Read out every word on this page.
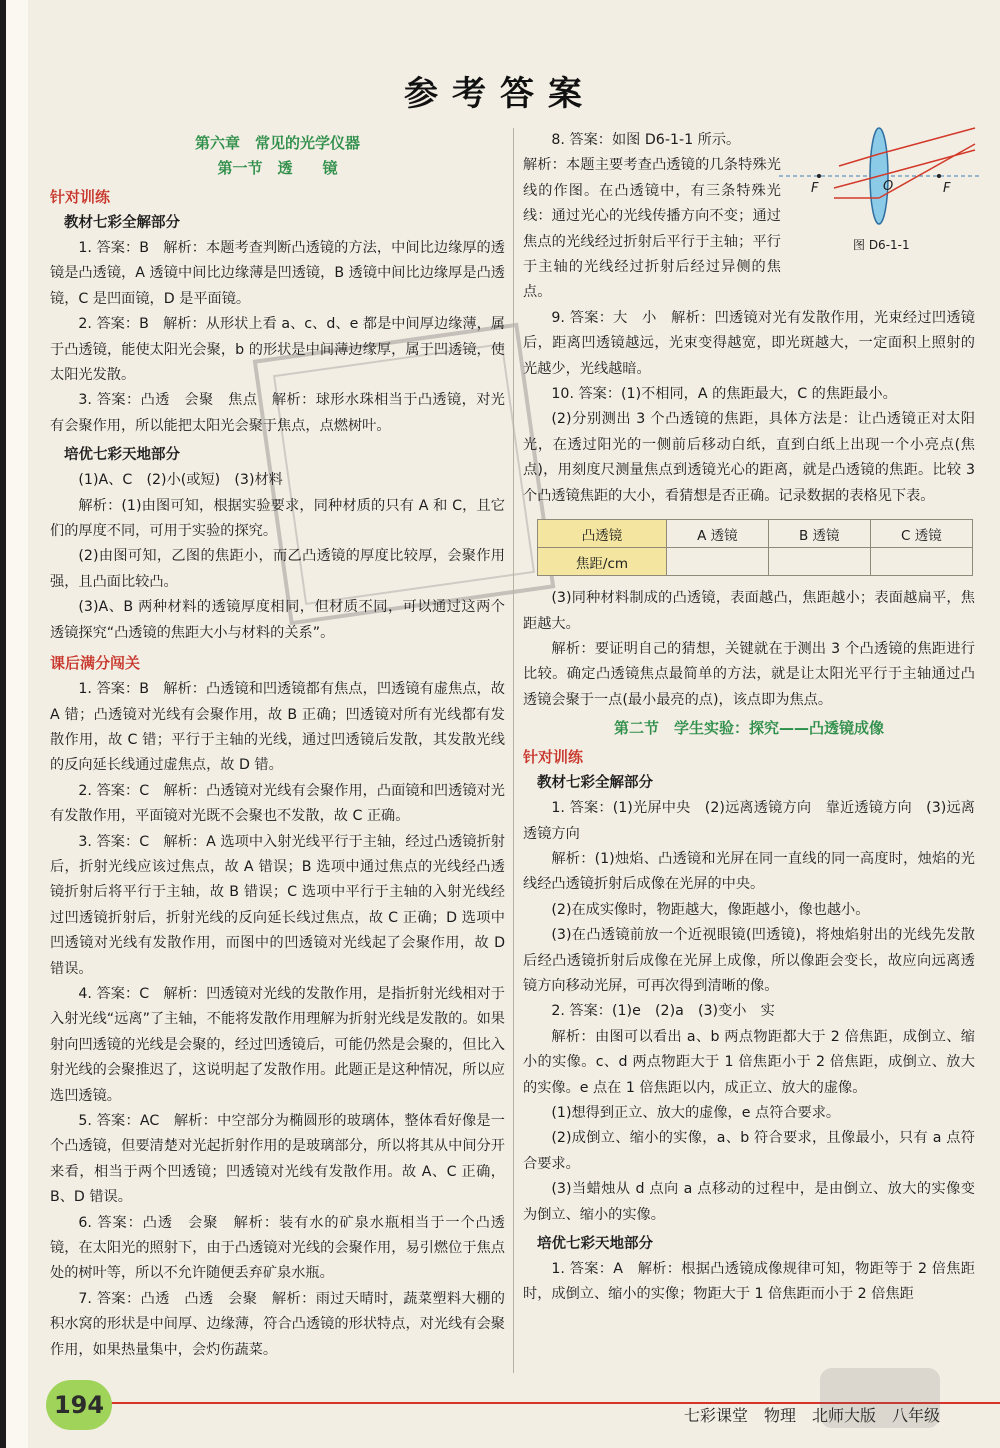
参考答案
第六章　常见的光学仪器
第一节　透　　镜
针对训练
教材七彩全解部分

1. 答案：B　解析：本题考查判断凸透镜的方法，中间比边缘厚的透镜是凸透镜，A 透镜中间比边缘薄是凹透镜，B 透镜中间比边缘厚是凸透镜，C 是凹面镜，D 是平面镜。

2. 答案：B　解析：从形状上看 a、c、d、e 都是中间厚边缘薄，属于凸透镜，能使太阳光会聚，b 的形状是中间薄边缘厚，属于凹透镜，使太阳光发散。

3. 答案：凸透　会聚　焦点　解析：球形水珠相当于凸透镜，对光有会聚作用，所以能把太阳光会聚于焦点，点燃树叶。

培优七彩天地部分

(1)A、C　(2)小(或短)　(3)材料

解析：(1)由图可知，根据实验要求，同种材质的只有 A 和 C，且它们的厚度不同，可用于实验的探究。

(2)由图可知，乙图的焦距小，而乙凸透镜的厚度比较厚，会聚作用强，且凸面比较凸。

(3)A、B 两种材料的透镜厚度相同，但材质不同，可以通过这两个透镜探究“凸透镜的焦距大小与材料的关系”。

课后满分闯关

1. 答案：B　解析：凸透镜和凹透镜都有焦点，凹透镜有虚焦点，故 A 错；凸透镜对光线有会聚作用，故 B 正确；凹透镜对所有光线都有发散作用，故 C 错；平行于主轴的光线，通过凹透镜后发散，其发散光线的反向延长线通过虚焦点，故 D 错。

2. 答案：C　解析：凸透镜对光线有会聚作用，凸面镜和凹透镜对光有发散作用，平面镜对光既不会聚也不发散，故 C 正确。

3. 答案：C　解析：A 选项中入射光线平行于主轴，经过凸透镜折射后，折射光线应该过焦点，故 A 错误；B 选项中通过焦点的光线经凸透镜折射后将平行于主轴，故 B 错误；C 选项中平行于主轴的入射光线经过凹透镜折射后，折射光线的反向延长线过焦点，故 C 正确；D 选项中凹透镜对光线有发散作用，而图中的凹透镜对光线起了会聚作用，故 D 错误。

4. 答案：C　解析：凹透镜对光线的发散作用，是指折射光线相对于入射光线“远离”了主轴，不能将发散作用理解为折射光线是发散的。如果射向凹透镜的光线是会聚的，经过凹透镜后，可能仍然是会聚的，但比入射光线的会聚推迟了，这说明起了发散作用。此题正是这种情况，所以应选凹透镜。

5. 答案：AC　解析：中空部分为椭圆形的玻璃体，整体看好像是一个凸透镜，但要清楚对光起折射作用的是玻璃部分，所以将其从中间分开来看，相当于两个凹透镜；凹透镜对光线有发散作用。故 A、C 正确，B、D 错误。

6. 答案：凸透　会聚　解析：装有水的矿泉水瓶相当于一个凸透镜，在太阳光的照射下，由于凸透镜对光线的会聚作用，易引燃位于焦点处的树叶等，所以不允许随便丢弃矿泉水瓶。

7. 答案：凸透　凸透　会聚　解析：雨过天晴时，蔬菜塑料大棚的积水窝的形状是中间厚、边缘薄，符合凸透镜的形状特点，对光线有会聚作用，如果热量集中，会灼伤蔬菜。

F	O	F
图 D6-1-1

8. 答案：如图 D6-1-1 所示。

解析：本题主要考查凸透镜的几条特殊光线的作图。在凸透镜中，有三条特殊光线：通过光心的光线传播方向不变；通过焦点的光线经过折射后平行于主轴；平行于主轴的光线经过折射后经过异侧的焦点。

9. 答案：大　小　解析：凹透镜对光有发散作用，光束经过凹透镜后，距离凹透镜越远，光束变得越宽，即光斑越大，一定面积上照射的光越少，光线越暗。

10. 答案：(1)不相同，A 的焦距最大，C 的焦距最小。

(2)分别测出 3 个凸透镜的焦距，具体方法是：让凸透镜正对太阳光，在透过阳光的一侧前后移动白纸，直到白纸上出现一个小亮点(焦点)，用刻度尺测量焦点到透镜光心的距离，就是凸透镜的焦距。比较 3 个凸透镜焦距的大小，看猜想是否正确。记录数据的表格见下表。

凸透镜	A 透镜	B 透镜	C 透镜
焦距/cm			

(3)同种材料制成的凸透镜，表面越凸，焦距越小；表面越扁平，焦距越大。

解析：要证明自己的猜想，关键就在于测出 3 个凸透镜的焦距进行比较。确定凸透镜焦点最简单的方法，就是让太阳光平行于主轴通过凸透镜会聚于一点(最小最亮的点)，该点即为焦点。

第二节　学生实验：探究——凸透镜成像
针对训练
教材七彩全解部分

1. 答案：(1)光屏中央　(2)远离透镜方向　靠近透镜方向　(3)远离透镜方向

解析：(1)烛焰、凸透镜和光屏在同一直线的同一高度时，烛焰的光线经凸透镜折射后成像在光屏的中央。

(2)在成实像时，物距越大，像距越小，像也越小。

(3)在凸透镜前放一个近视眼镜(凹透镜)，将烛焰射出的光线先发散后经凸透镜折射后成像在光屏上成像，所以像距会变长，故应向远离透镜方向移动光屏，可再次得到清晰的像。

2. 答案：(1)e　(2)a　(3)变小　实

解析：由图可以看出 a、b 两点物距都大于 2 倍焦距，成倒立、缩小的实像。c、d 两点物距大于 1 倍焦距小于 2 倍焦距，成倒立、放大的实像。e 点在 1 倍焦距以内，成正立、放大的虚像。

(1)想得到正立、放大的虚像，e 点符合要求。

(2)成倒立、缩小的实像，a、b 符合要求，且像最小，只有 a 点符合要求。

(3)当蜡烛从 d 点向 a 点移动的过程中，是由倒立、放大的实像变为倒立、缩小的实像。

培优七彩天地部分

1. 答案：A　解析：根据凸透镜成像规律可知，物距等于 2 倍焦距时，成倒立、缩小的实像；物距大于 1 倍焦距而小于 2 倍焦距

194	七彩课堂　物理　北师大版　八年级
